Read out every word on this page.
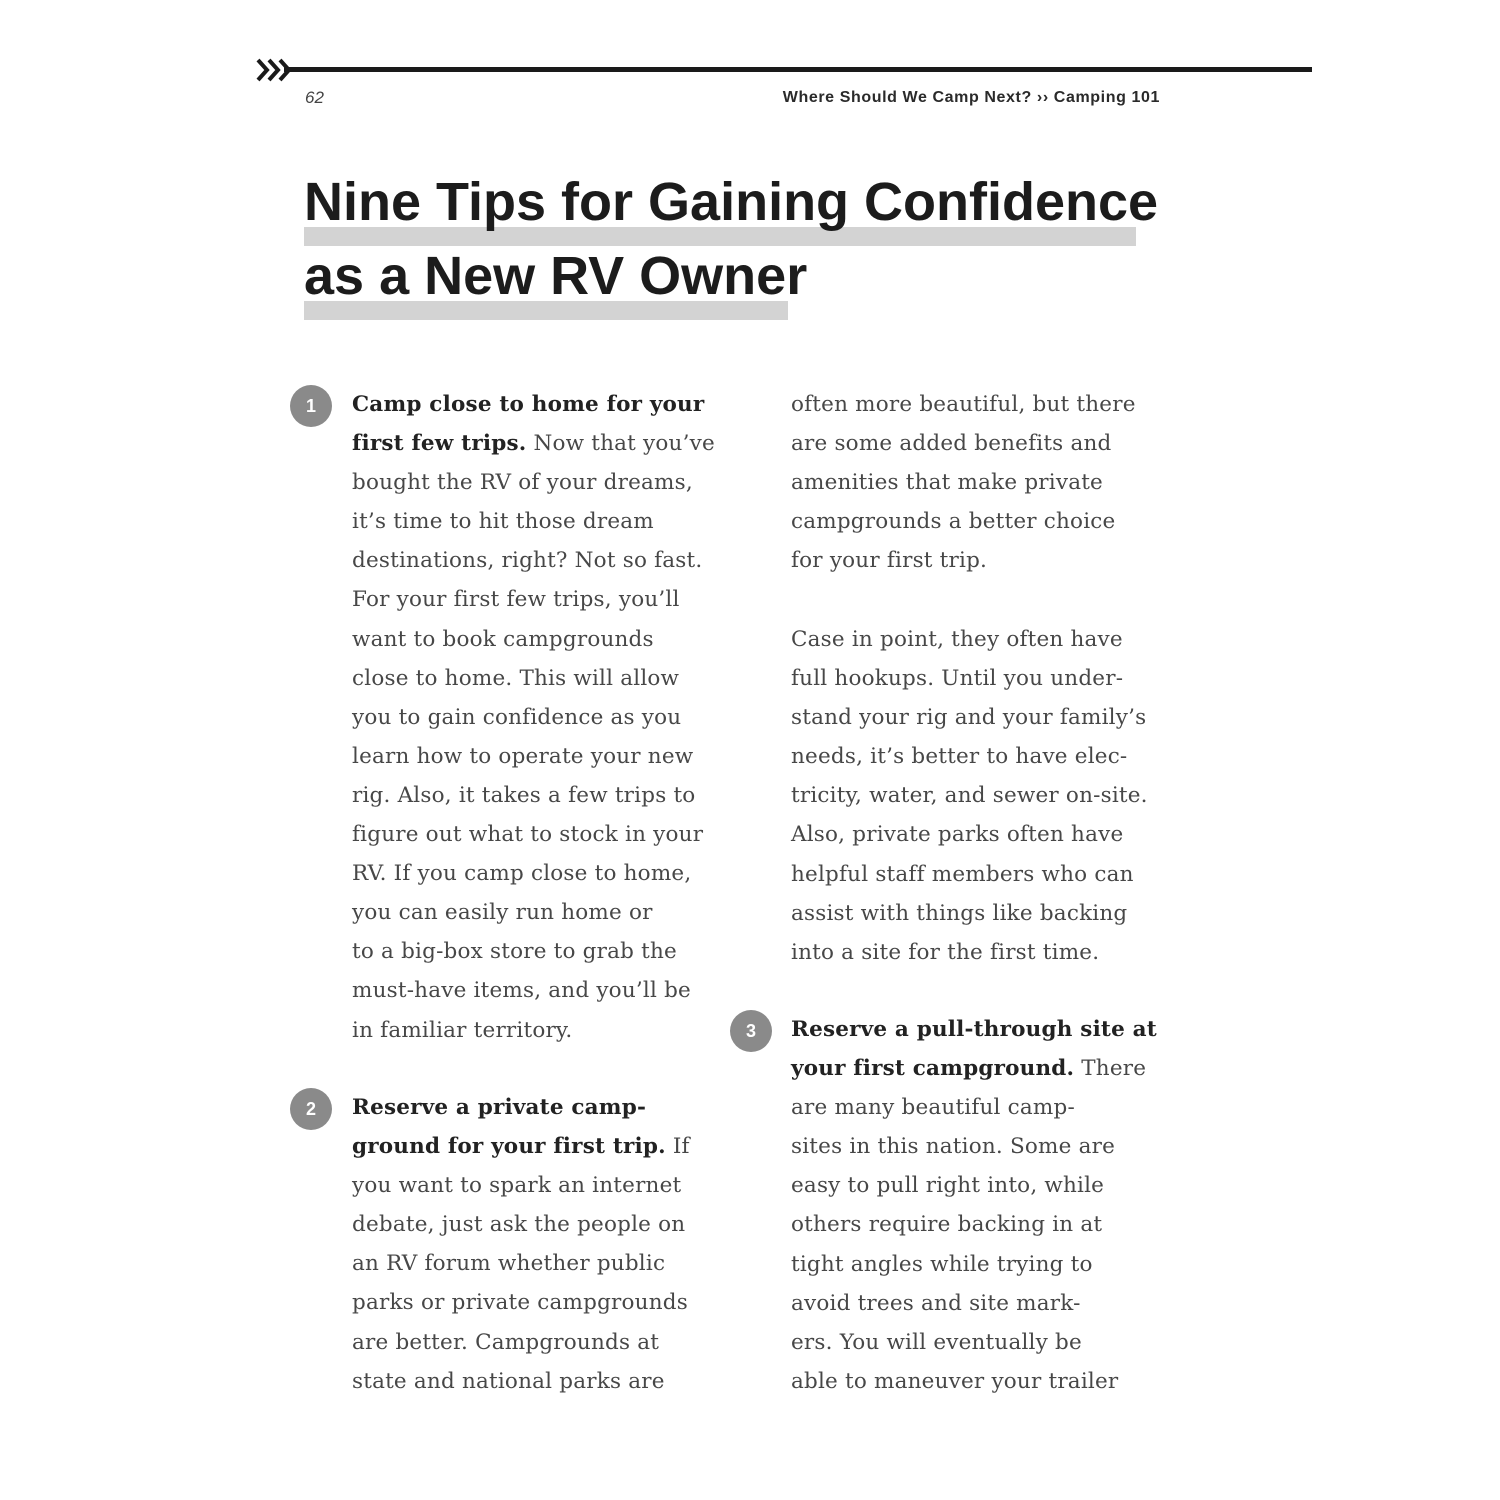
62	Where Should We Camp Next? ›› Camping 101
Nine Tips for Gaining Confidence

as a New RV Owner
1	Camp close to home for your
first few trips. Now that you’ve
bought the RV of your dreams,
it’s time to hit those dream
destinations, right? Not so fast.
For your first few trips, you’ll
want to book campgrounds
close to home. This will allow
you to gain confidence as you
learn how to operate your new
rig. Also, it takes a few trips to
figure out what to stock in your
RV. If you camp close to home,
you can easily run home or
to a big-box store to grab the
must-have items, and you’ll be
in familiar territory.
2	Reserve a private camp-
ground for your first trip. If
you want to spark an internet
debate, just ask the people on
an RV forum whether public
parks or private campgrounds
are better. Campgrounds at
state and national parks are
often more beautiful, but there
are some added benefits and
amenities that make private
campgrounds a better choice
for your first trip.
Case in point, they often have
full hookups. Until you under-
stand your rig and your family’s
needs, it’s better to have elec-
tricity, water, and sewer on-site.
Also, private parks often have
helpful staff members who can
assist with things like backing
into a site for the first time.
3	Reserve a pull-through site at
your first campground. There
are many beautiful camp-
sites in this nation. Some are
easy to pull right into, while
others require backing in at
tight angles while trying to
avoid trees and site mark-
ers. You will eventually be
able to maneuver your trailer
